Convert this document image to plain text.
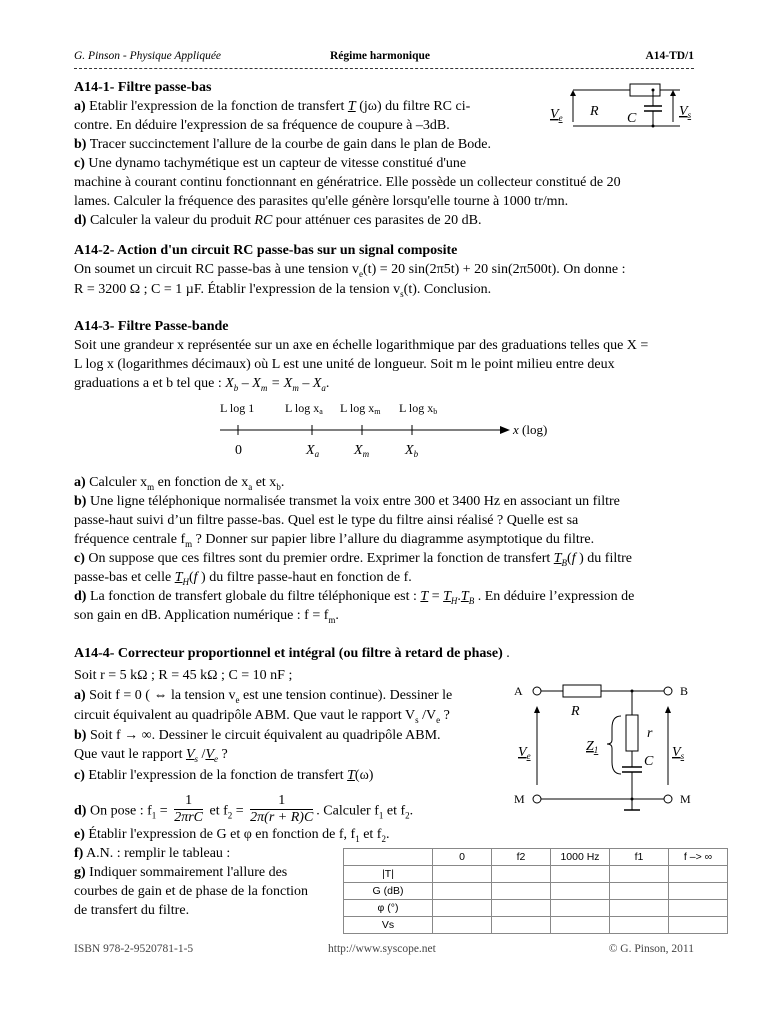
G. Pinson - Physique Appliquée	Régime harmonique	A14-TD/1
A14-1- Filtre passe-bas
a) Etablir l'expression de la fonction de transfert T (jω) du filtre RC ci-
contre. En déduire l'expression de sa fréquence de coupure à –3dB.
b) Tracer succinctement l'allure de la courbe de gain dans le plan de Bode.
c) Une dynamo tachymétique est un capteur de vitesse constitué d'une
machine à courant continu fonctionnant en génératrice. Elle possède un collecteur constitué de 20
lames. Calculer la fréquence des parasites qu'elle génère lorsqu'elle tourne à 1000 tr/mn.
d) Calculer la valeur du produit RC pour atténuer ces parasites de 20 dB.
$V_e$ R C	$V_s$
A14-2- Action d'un circuit RC passe-bas sur un signal composite
On soumet un circuit RC passe-bas à une tension $v_e(t) = 20$ sin(2π5t) + 20 sin(2π500t). On donne :
R = 3200 Ω ; C = 1 µF. Établir l'expression de la tension $v_s(t)$. Conclusion.
A14-3- Filtre Passe-bande
Soit une grandeur x représentée sur un axe en échelle logarithmique par des graduations telles que X =
L log x (logarithmes décimaux) où L est une unité de longueur. Soit m le point milieu entre deux
graduations a et b tel que : $X_b - X_m = X_m - X_a$.
x (log)
L log 1	L log xa L log xm L log xb
0	$X_a$ $X_m$	$X_b$
a) Calculer $x_m$ en fonction de $x_a$ et $x_b$.
b) Une ligne téléphonique normalisée transmet la voix entre 300 et 3400 Hz en associant un filtre
passe-haut suivi d’un filtre passe-bas. Quel est le type du filtre ainsi réalisé ? Quelle est sa
fréquence centrale $f_m$ ? Donner sur papier libre l’allure du diagramme asymptotique du filtre.
c) On suppose que ces filtres sont du premier ordre. Exprimer la fonction de transfert $T_B(f$ ) du filtre
passe-bas et celle $T_H(f$ ) du filtre passe-haut en fonction de f.
d) La fonction de transfert globale du filtre téléphonique est : $T = T_H.T_B$ . En déduire l’expression de
son gain en dB. Application numérique : $f = f_m$.
A14-4- Correcteur proportionnel et intégral (ou filtre à retard de phase) .
Soit r = 5 kΩ ; R = 45 kΩ ; C = 10 nF ;
a) Soit f = 0 ( ⇔ la tension $v_e$ est une tension continue). Dessiner le
circuit équivalent au quadripôle ABM. Que vaut le rapport $V_s$ $/V_e$ ?
b) Soit f → ∞. Dessiner le circuit équivalent au quadripôle ABM.
Que vaut le rapport $V_s$ $/V_e$ ?
c) Etablir l'expression de la fonction de transfert T(ω)
d) On pose : $f_1$ =
1
2πrC et $f_2 = \frac{1}{2\pi(r + R)C}$ . Calculer $f_1$ et $f_2$.
e) Établir l'expression de G et φ en fonction de f, $f_1$ et $f_2$.
f) A.N. : remplir le tableau :
g) Indiquer sommairement l'allure des
courbes de gain et de phase de la fonction
de transfert du filtre.
A	B
R
r
C
$Z_1$
$V_e$	$V_s$
M	M
	0	f2	1000 Hz	f1	f –> ∞
|T|					
G (dB)					
φ (°)					
Vs					
ISBN 978-2-9520781-1-5	http://www.syscope.net	© G. Pinson, 2011
